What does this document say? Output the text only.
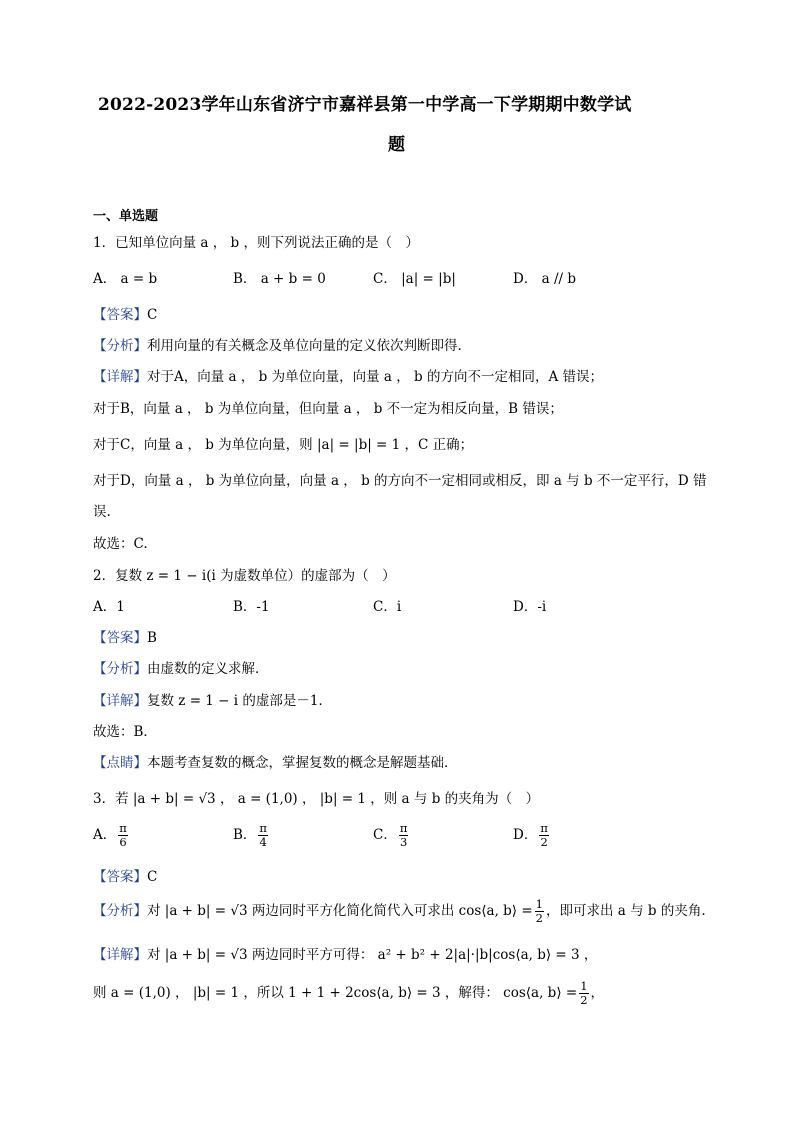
2022-2023学年山东省济宁市嘉祥县第一中学高一下学期期中数学试
题
一、单选题
1．已知单位向量 a ， b ，则下列说法正确的是（　）
A． a = b	B． a + b = 0	C． |a| = |b|	D． a // b
【答案】C
【分析】利用向量的有关概念及单位向量的定义依次判断即得.
【详解】对于A，向量 a ， b 为单位向量，向量 a ， b 的方向不一定相同，A 错误；
对于B，向量 a ， b 为单位向量，但向量 a ， b 不一定为相反向量，B 错误；
对于C，向量 a ， b 为单位向量，则 |a| = |b| = 1 ，C 正确；
对于D，向量 a ， b 为单位向量，向量 a ， b 的方向不一定相同或相反，即 a 与 b 不一定平行，D 错
误.
故选：C.
2．复数 z = 1 − i(i 为虚数单位）的虚部为（　）
A．1	B．-1	C．i	D．-i
【答案】B
【分析】由虚数的定义求解．
【详解】复数 z = 1 − i 的虚部是－1．
故选：B．
【点睛】本题考查复数的概念，掌握复数的概念是解题基础．
3．若 |a + b| = √3 ， a = (1,0) ， |b| = 1 ，则 a 与 b 的夹角为（　）
A． $\frac{\pi}{6}$	B． $\frac{\pi}{4}$	C． $\frac{\pi}{3}$	D． $\frac{\pi}{2}$
【答案】C
【分析】对 |a + b| = √3 两边同时平方化简化简代入可求出 cos⟨a, b⟩ = $\frac{1}{2}$ ，即可求出 a 与 b 的夹角.
【详解】对 |a + b| = √3 两边同时平方可得： a² + b² + 2|a|·|b|cos⟨a, b⟩ = 3 ，
则 a = (1,0) ， |b| = 1 ，所以 1 + 1 + 2cos⟨a, b⟩ = 3 ，解得： cos⟨a, b⟩ = $\frac{1}{2}$ ，
